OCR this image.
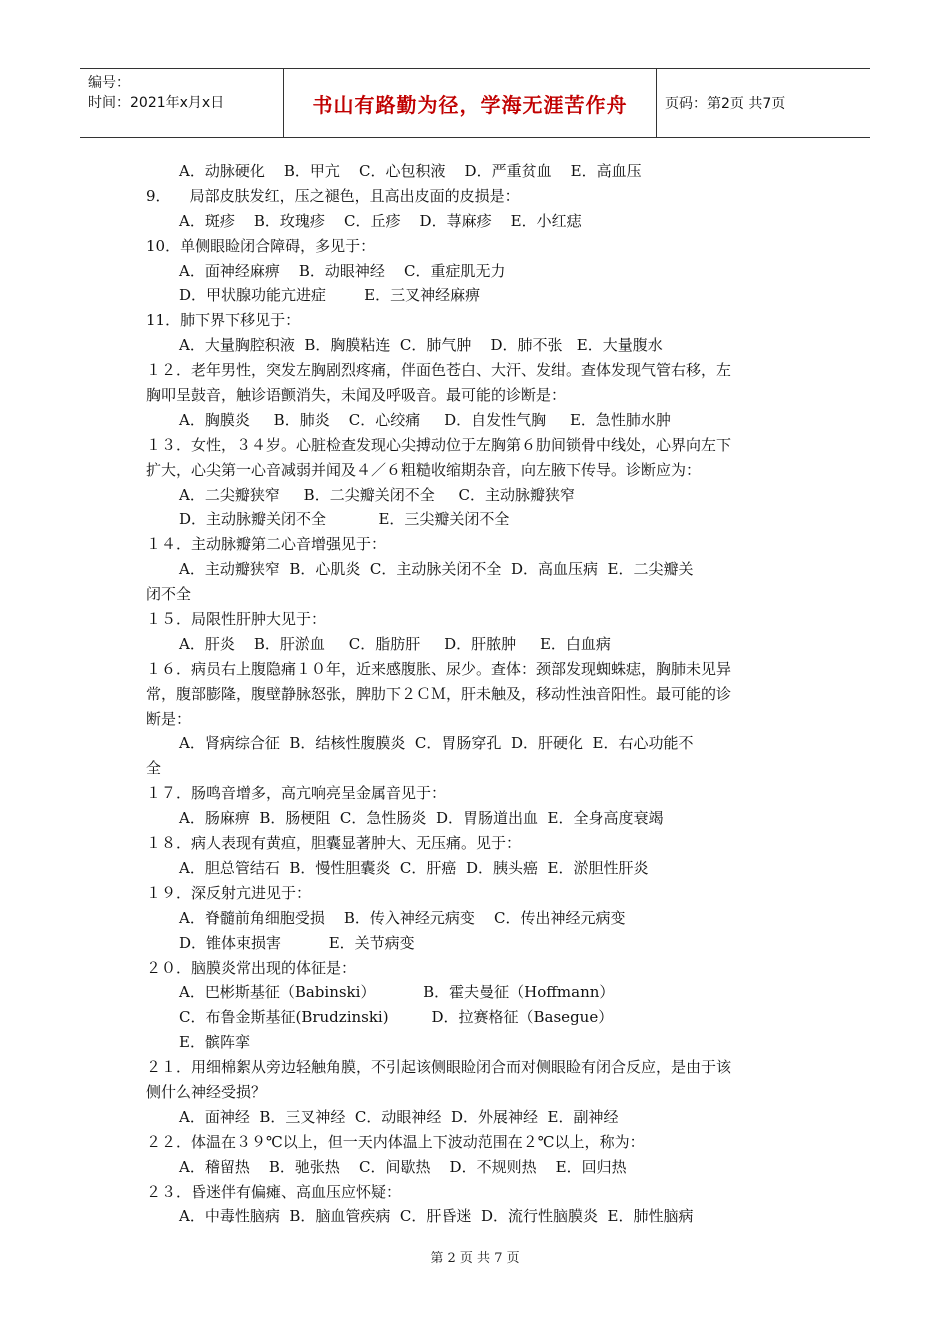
编号：
时间：2021年x月x日	书山有路勤为径，学海无涯苦作舟	页码：第2页 共7页
A．动脉硬化    B．甲亢    C．心包积液    D．严重贫血    E．高血压
9．    局部皮肤发红，压之褪色，且高出皮面的皮损是：
A．斑疹    B．玫瑰疹    C．丘疹    D．荨麻疹    E．小红痣
10．单侧眼睑闭合障碍，多见于：
A．面神经麻痹    B．动眼神经    C．重症肌无力
D．甲状腺功能亢进症        E．三叉神经麻痹
11．肺下界下移见于：
A．大量胸腔积液  B．胸膜粘连  C．肺气肿    D．肺不张   E．大量腹水
１２．老年男性，突发左胸剧烈疼痛，伴面色苍白、大汗、发绀。查体发现气管右移，左
胸叩呈鼓音，触诊语颤消失，未闻及呼吸音。最可能的诊断是：
A．胸膜炎     B．肺炎    C．心绞痛     D．自发性气胸     E．急性肺水肿
１３．女性，３４岁。心脏检查发现心尖搏动位于左胸第６肋间锁骨中线处，心界向左下
扩大，心尖第一心音减弱并闻及４／６粗糙收缩期杂音，向左腋下传导。诊断应为：
A．二尖瓣狭窄     B．二尖瓣关闭不全     C．主动脉瓣狭窄
D．主动脉瓣关闭不全           E．三尖瓣关闭不全
１４．主动脉瓣第二心音增强见于：
A．主动瓣狭窄  B．心肌炎  C．主动脉关闭不全  D．高血压病  E．二尖瓣关
闭不全
１５．局限性肝肿大见于：
A．肝炎    B．肝淤血     C．脂肪肝     D．肝脓肿     E．白血病
１６．病员右上腹隐痛１０年，近来感腹胀、尿少。查体：颈部发现蜘蛛痣，胸肺未见异
常，腹部膨隆，腹壁静脉怒张，脾肋下２ＣＭ，肝未触及，移动性浊音阳性。最可能的诊
断是：
A．肾病综合征  B．结核性腹膜炎  C．胃肠穿孔  D．肝硬化  E．右心功能不
全
１７．肠鸣音增多，高亢响亮呈金属音见于：
A．肠麻痹  B．肠梗阻  C．急性肠炎  D．胃肠道出血  E．全身高度衰竭
１８．病人表现有黄疸，胆囊显著肿大、无压痛。见于：
A．胆总管结石  B．慢性胆囊炎  C．肝癌  D．胰头癌  E．淤胆性肝炎
１９．深反射亢进见于：
A．脊髓前角细胞受损    B．传入神经元病变    C．传出神经元病变
D．锥体束损害          E．关节病变
２０．脑膜炎常出现的体征是：
A．巴彬斯基征（Babinski）          B．霍夫曼征（Hoffmann）
C．布鲁金斯基征(Brudzinski)         D．拉赛格征（Basegue）
E．髌阵挛
２１．用细棉絮从旁边轻触角膜，不引起该侧眼睑闭合而对侧眼睑有闭合反应，是由于该
侧什么神经受损？
A．面神经  B．三叉神经  C．动眼神经  D．外展神经  E．副神经
２２．体温在３９℃以上，但一天内体温上下波动范围在２℃以上，称为：
A．稽留热    B．驰张热    C．间歇热    D．不规则热    E．回归热
２３．昏迷伴有偏瘫、高血压应怀疑：
A．中毒性脑病  B．脑血管疾病  C．肝昏迷  D．流行性脑膜炎  E．肺性脑病
第 2 页 共 7 页
